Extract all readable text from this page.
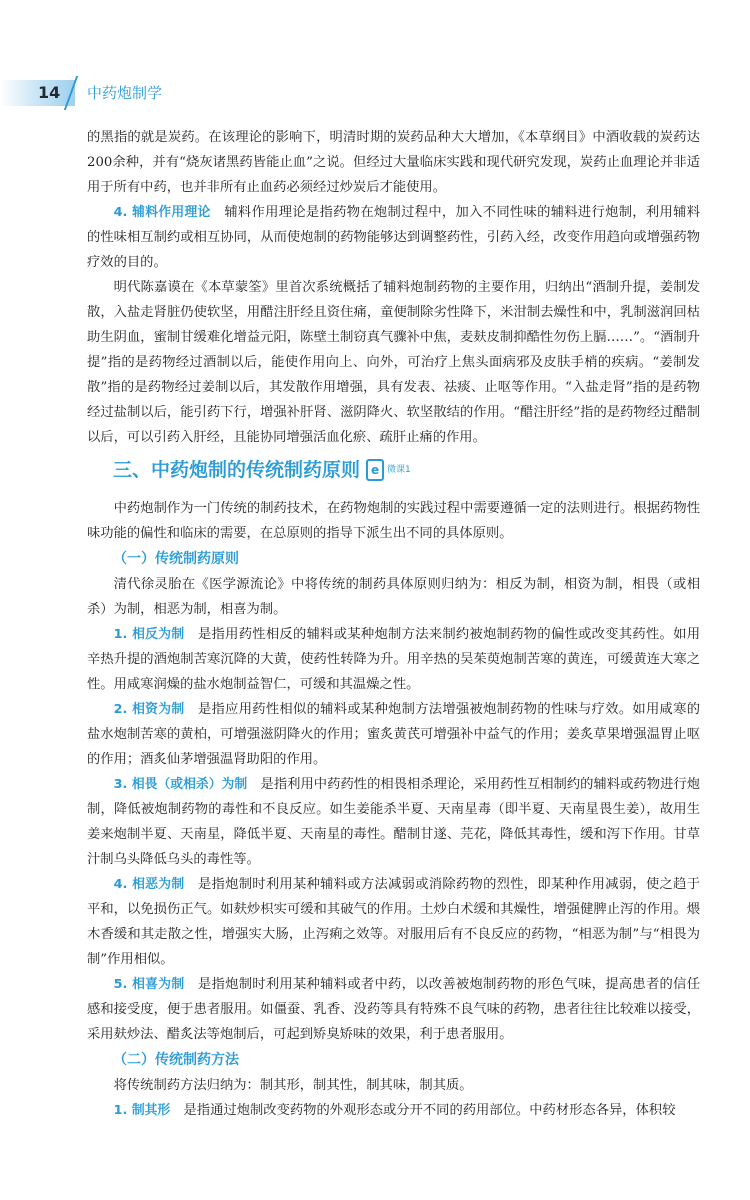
14 中药炮制学

的黑指的就是炭药。在该理论的影响下，明清时期的炭药品种大大增加，《本草纲目》中酒收载的炭药达200余种，并有“烧灰诸黑药皆能止血”之说。但经过大量临床实践和现代研究发现，炭药止血理论并非适用于所有中药，也并非所有止血药必须经过炒炭后才能使用。

4. 辅料作用理论　 辅料作用理论是指药物在炮制过程中，加入不同性味的辅料进行炮制，利用辅料的性味相互制约或相互协同，从而使炮制的药物能够达到调整药性，引药入经，改变作用趋向或增强药物疗效的目的。

明代陈嘉谟在《本草蒙筌》里首次系统概括了辅料炮制药物的主要作用，归纳出“酒制升提，姜制发散，入盐走肾脏仍使软坚，用醋注肝经且资住痛，童便制除劣性降下，米泔制去燥性和中，乳制滋润回枯助生阴血，蜜制甘缓难化增益元阳，陈壁土制窃真气骤补中焦，麦麸皮制抑酷性勿伤上膈……”。“酒制升提”指的是药物经过酒制以后，能使作用向上、向外，可治疗上焦头面病邪及皮肤手梢的疾病。“姜制发散”指的是药物经过姜制以后，其发散作用增强，具有发表、祛痰、止呕等作用。“入盐走肾”指的是药物经过盐制以后，能引药下行，增强补肝肾、滋阴降火、软坚散结的作用。“醋注肝经”指的是药物经过醋制以后，可以引药入肝经，且能协同增强活血化瘀、疏肝止痛的作用。

三、中药炮制的传统制药原则 e 微课1

中药炮制作为一门传统的制药技术，在药物炮制的实践过程中需要遵循一定的法则进行。根据药物性味功能的偏性和临床的需要，在总原则的指导下派生出不同的具体原则。

（一）传统制药原则

清代徐灵胎在《医学源流论》中将传统的制药具体原则归纳为：相反为制，相资为制，相畏（或相杀）为制，相恶为制，相喜为制。

1. 相反为制　 是指用药性相反的辅料或某种炮制方法来制约被炮制药物的偏性或改变其药性。如用辛热升提的酒炮制苦寒沉降的大黄，使药性转降为升。用辛热的吴茱萸炮制苦寒的黄连，可缓黄连大寒之性。用咸寒润燥的盐水炮制益智仁，可缓和其温燥之性。

2. 相资为制　 是指应用药性相似的辅料或某种炮制方法增强被炮制药物的性味与疗效。如用咸寒的盐水炮制苦寒的黄柏，可增强滋阴降火的作用；蜜炙黄芪可增强补中益气的作用；姜炙草果增强温胃止呕的作用；酒炙仙茅增强温肾助阳的作用。

3. 相畏（或相杀）为制　 是指利用中药药性的相畏相杀理论，采用药性互相制约的辅料或药物进行炮制，降低被炮制药物的毒性和不良反应。如生姜能杀半夏、天南星毒（即半夏、天南星畏生姜），故用生姜来炮制半夏、天南星，降低半夏、天南星的毒性。醋制甘遂、芫花，降低其毒性，缓和泻下作用。甘草汁制乌头降低乌头的毒性等。

4. 相恶为制　 是指炮制时利用某种辅料或方法减弱或消除药物的烈性，即某种作用减弱，使之趋于平和，以免损伤正气。如麸炒枳实可缓和其破气的作用。土炒白术缓和其燥性，增强健脾止泻的作用。煨木香缓和其走散之性，增强实大肠，止泻痢之效等。对服用后有不良反应的药物，“相恶为制”与“相畏为制”作用相似。

5. 相喜为制　 是指炮制时利用某种辅料或者中药，以改善被炮制药物的形色气味，提高患者的信任感和接受度，便于患者服用。如僵蚕、乳香、没药等具有特殊不良气味的药物，患者往往比较难以接受，采用麸炒法、醋炙法等炮制后，可起到矫臭矫味的效果，利于患者服用。

（二）传统制药方法

将传统制药方法归纳为：制其形，制其性，制其味，制其质。

1. 制其形　 是指通过炮制改变药物的外观形态或分开不同的药用部位。中药材形态各异，体积较
